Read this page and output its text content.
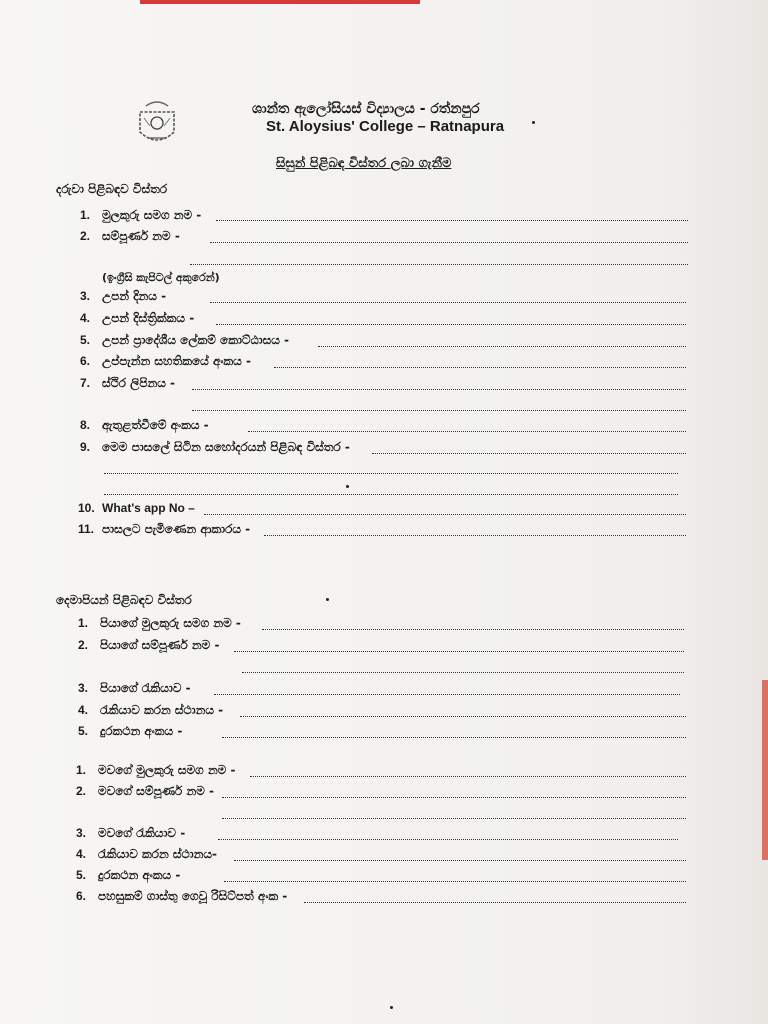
ශාන්ත ඇලෝසියස් විද්‍යාලය - රත්නපුර
St. Aloysius' College – Ratnapura
සිසුන් පිළිබඳ විස්තර ලබා ගැනීම
දරුවා පිළිබඳව විස්තර
1. මුලකුරු සමග නම -
2. සම්පූර්ණ නම -
(ඉංග්‍රීසි කැපිටල් අකුරෙන්)
3. උපන් දිනය -
4. උපන් දිස්ත්‍රික්කය -
5. උපන් ප්‍රාදේශීය ලේකම් කොට්ඨාසය -
6. උප්පැන්න සහතිකයේ අංකය -
7. ස්ථිර ලිපිනය -
8. ඇතුළත්වීමේ අංකය -
9. මෙම පාසලේ සිටින සහෝදරයන් පිළිබඳ විස්තර -
10. What's app No –
11. පාසලට පැමිණෙන ආකාරය -
දෙමාපියන් පිළිබඳව විස්තර
1. පියාගේ මුලකුරු සමග නම -
2. පියාගේ සම්පූර්ණ නම -
3. පියාගේ රැකියාව -
4. රැකියාව කරන ස්ථානය -
5. දුරකථන අංකය -
1. මවගේ මුලකුරු සමග නම -
2. මවගේ සම්පූර්ණ නම -
3. මවගේ රැකියාව -
4. රැකියාව කරන ස්ථානය-
5. දුරකථන අංකය -
6. පහසුකම් ගාස්තු ගෙවූ රිසිට්පත් අංක -
